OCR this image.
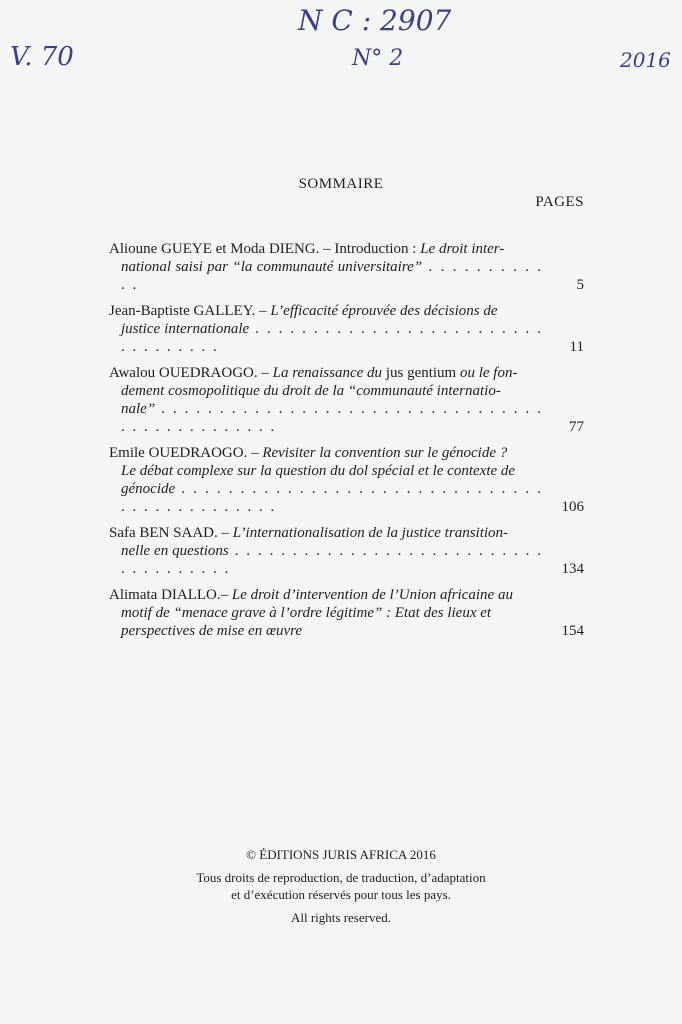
V. 70
N C : 2907
N° 2	2016
SOMMAIRE
PAGES
Alioune GUEYE et Moda DIENG. – Introduction : Le droit inter-
national saisi par “la communauté universitaire” . . . . . . . . . . . .	5
Jean-Baptiste GALLEY. – L’efficacité éprouvée des décisions de
justice internationale . . . . . . . . . . . . . . . . . . . . . . . . . . . . . . . . . .	11
Awalou OUEDRAOGO. – La renaissance du jus gentium ou le fon-
dement cosmopolitique du droit de la “communauté internatio-
nale” . . . . . . . . . . . . . . . . . . . . . . . . . . . . . . . . . . . . . . . . . . . . . . .	77
Emile OUEDRAOGO. – Revisiter la convention sur le génocide ?
Le débat complexe sur la question du dol spécial et le contexte de
génocide . . . . . . . . . . . . . . . . . . . . . . . . . . . . . . . . . . . . . . . . . . . . .	106
Safa BEN SAAD. – L’internationalisation de la justice transition-
nelle en questions . . . . . . . . . . . . . . . . . . . . . . . . . . . . . . . . . . . . .	134
Alimata DIALLO.– Le droit d’intervention de l’Union africaine au
motif de “menace grave à l’ordre légitime” : Etat des lieux et
perspectives de mise en œuvre	154
© ÉDITIONS JURIS AFRICA 2016
Tous droits de reproduction, de traduction, d’adaptation
et d’exécution réservés pour tous les pays.
All rights reserved.
